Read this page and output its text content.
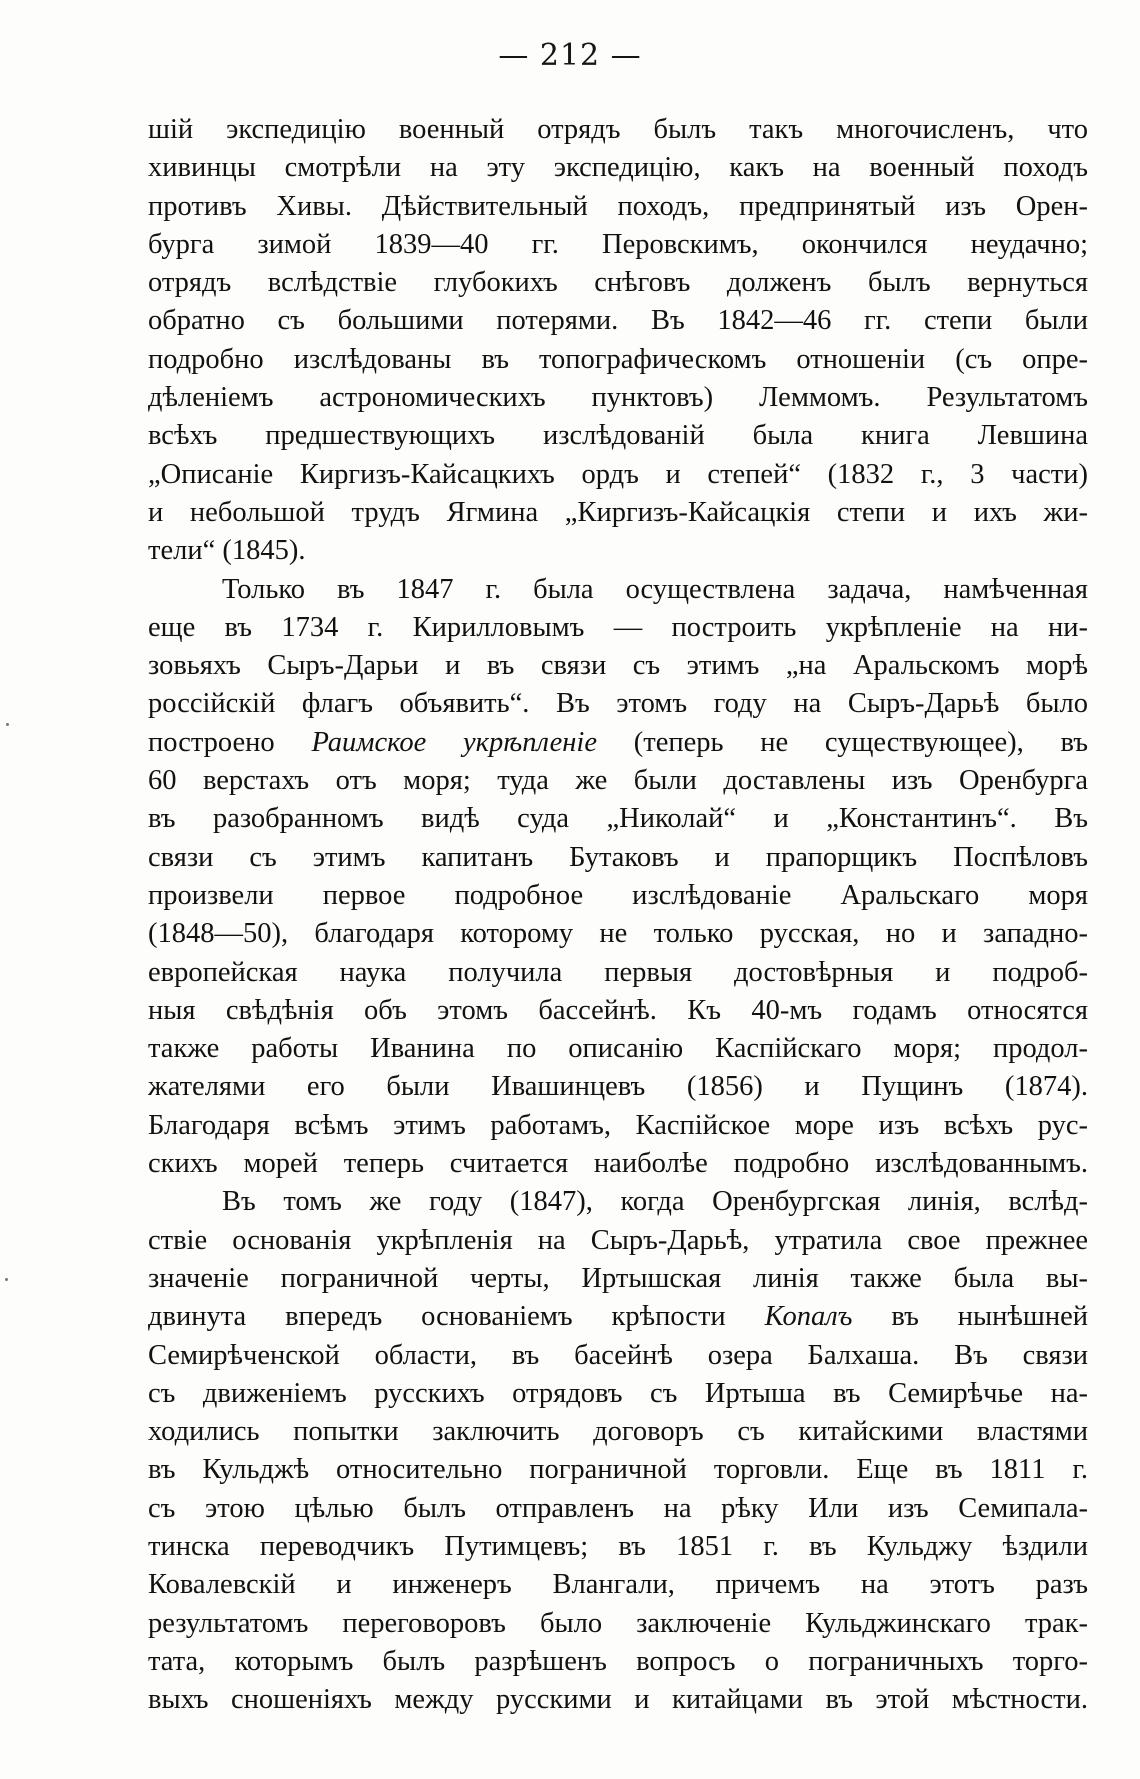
— 212 —
шій экспедицію военный отрядъ былъ такъ многочисленъ, что
хивинцы смотрѣли на эту экспедицію, какъ на военный походъ
противъ Хивы. Дѣйствительный походъ, предпринятый изъ Орен-
бурга зимой 1839—40 гг. Перовскимъ, окончился неудачно;
отрядъ вслѣдствіе глубокихъ снѣговъ долженъ былъ вернуться
обратно съ большими потерями. Въ 1842—46 гг. степи были
подробно изслѣдованы въ топографическомъ отношеніи (съ опре-
дѣленіемъ астрономическихъ пунктовъ) Леммомъ. Результатомъ
всѣхъ предшествующихъ изслѣдованій была книга Левшина
„Описаніе Киргизъ-Кайсацкихъ ордъ и степей“ (1832 г., 3 части)
и небольшой трудъ Ягмина „Киргизъ-Кайсацкія степи и ихъ жи-
тели“ (1845).
Только въ 1847 г. была осуществлена задача, намѣченная
еще въ 1734 г. Кирилловымъ — построить укрѣпленіе на ни-
зовьяхъ Сыръ-Дарьи и въ связи съ этимъ „на Аральскомъ морѣ
россійскій флагъ объявить“. Въ этомъ году на Сыръ-Дарьѣ было
построено Раимское укрѣпленіе (теперь не существующее), въ
60 верстахъ отъ моря; туда же были доставлены изъ Оренбурга
въ разобранномъ видѣ суда „Николай“ и „Константинъ“. Въ
связи съ этимъ капитанъ Бутаковъ и прапорщикъ Поспѣловъ
произвели первое подробное изслѣдованіе Аральскаго моря
(1848—50), благодаря которому не только русская, но и западно-
европейская наука получила первыя достовѣрныя и подроб-
ныя свѣдѣнія объ этомъ бассейнѣ. Къ 40-мъ годамъ относятся
также работы Иванина по описанію Каспійскаго моря; продол-
жателями его были Ивашинцевъ (1856) и Пущинъ (1874).
Благодаря всѣмъ этимъ работамъ, Каспійское море изъ всѣхъ рус-
скихъ морей теперь считается наиболѣе подробно изслѣдованнымъ.
Въ томъ же году (1847), когда Оренбургская линія, вслѣд-
ствіе основанія укрѣпленія на Сыръ-Дарьѣ, утратила свое прежнее
значеніе пограничной черты, Иртышская линія также была вы-
двинута впередъ основаніемъ крѣпости Копалъ въ нынѣшней
Семирѣченской области, въ басейнѣ озера Балхаша. Въ связи
съ движеніемъ русскихъ отрядовъ съ Иртыша въ Семирѣчье на-
ходились попытки заключить договоръ съ китайскими властями
въ Кульджѣ относительно пограничной торговли. Еще въ 1811 г.
съ этою цѣлью былъ отправленъ на рѣку Или изъ Семипала-
тинска переводчикъ Путимцевъ; въ 1851 г. въ Кульджу ѣздили
Ковалевскій и инженеръ Влангали, причемъ на этотъ разъ
результатомъ переговоровъ было заключеніе Кульджинскаго трак-
тата, которымъ былъ разрѣшенъ вопросъ о пограничныхъ торго-
выхъ сношеніяхъ между русскими и китайцами въ этой мѣстности.
